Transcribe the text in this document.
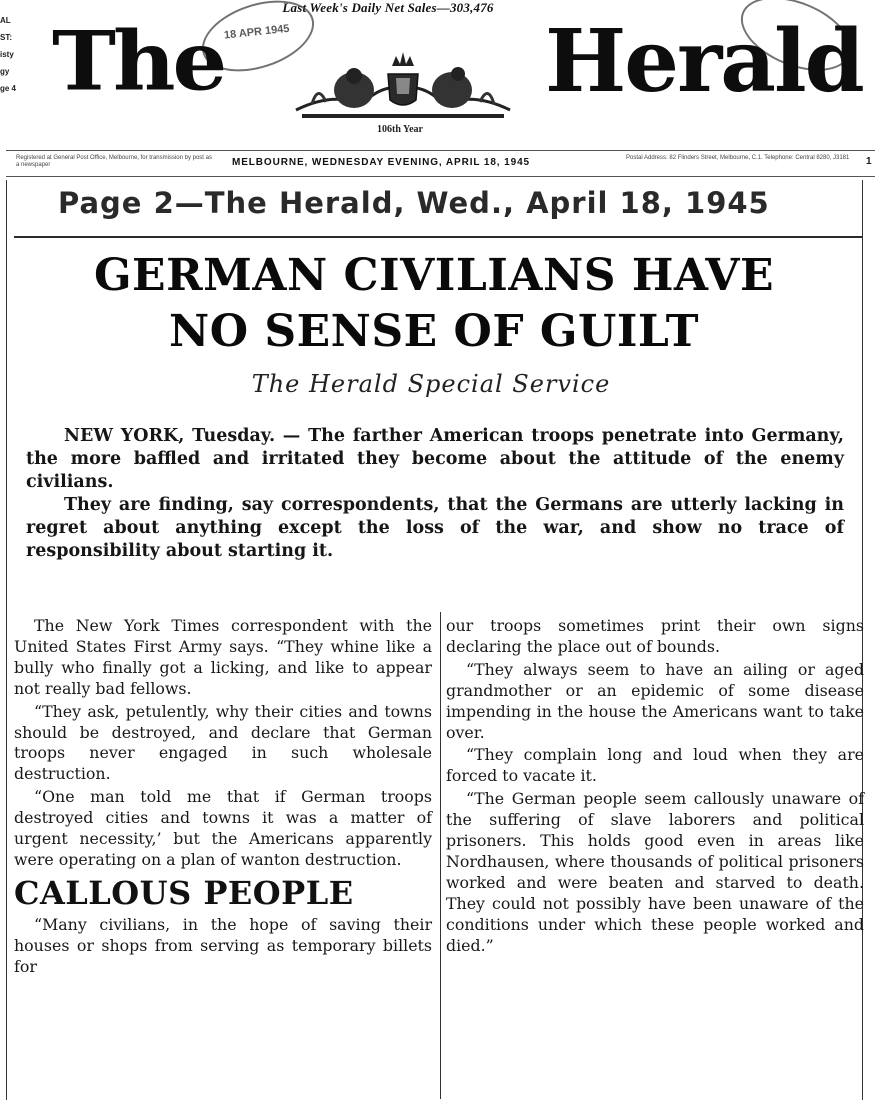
AL
ST:
isty
gy
ge 4
Last Week's Daily Net Sales—303,476
18 APR 1945
The	Herald
106th Year
Registered at General Post Office, Melbourne, for transmission by post as a newspaper	MELBOURNE, WEDNESDAY EVENING, APRIL 18, 1945	Postal Address: 82 Flinders Street, Melbourne, C.1. Telephone: Central 8280, J3181 1
Page 2—The Herald, Wed., April 18, 1945
GERMAN CIVILIANS HAVE
NO SENSE OF GUILT
The Herald Special Service

NEW YORK, Tuesday. — The farther American troops penetrate into Germany, the more baffled and irritated they become about the attitude of the enemy civilians.

They are finding, say correspondents, that the Germans are utterly lacking in regret about anything except the loss of the war, and show no trace of responsibility about starting it.

The New York Times correspondent with the United States First Army says. “They whine like a bully who finally got a licking, and like to appear not really bad fellows.

“They ask, petulently, why their cities and towns should be destroyed, and declare that German troops never engaged in such wholesale destruction.

“One man told me that if German troops destroyed cities and towns it was a matter of urgent necessity,’ but the Americans apparently were operating on a plan of wanton destruction.

CALLOUS PEOPLE

“Many civilians, in the hope of saving their houses or shops from serving as temporary billets for

our troops sometimes print their own signs declaring the place out of bounds.

“They always seem to have an ailing or aged grandmother or an epidemic of some disease impending in the house the Americans want to take over.

“They complain long and loud when they are forced to vacate it.

“The German people seem callously unaware of the suffering of slave laborers and political prisoners. This holds good even in areas like Nordhausen, where thousands of political prisoners worked and were beaten and starved to death. They could not possibly have been unaware of the conditions under which these people worked and died.”
